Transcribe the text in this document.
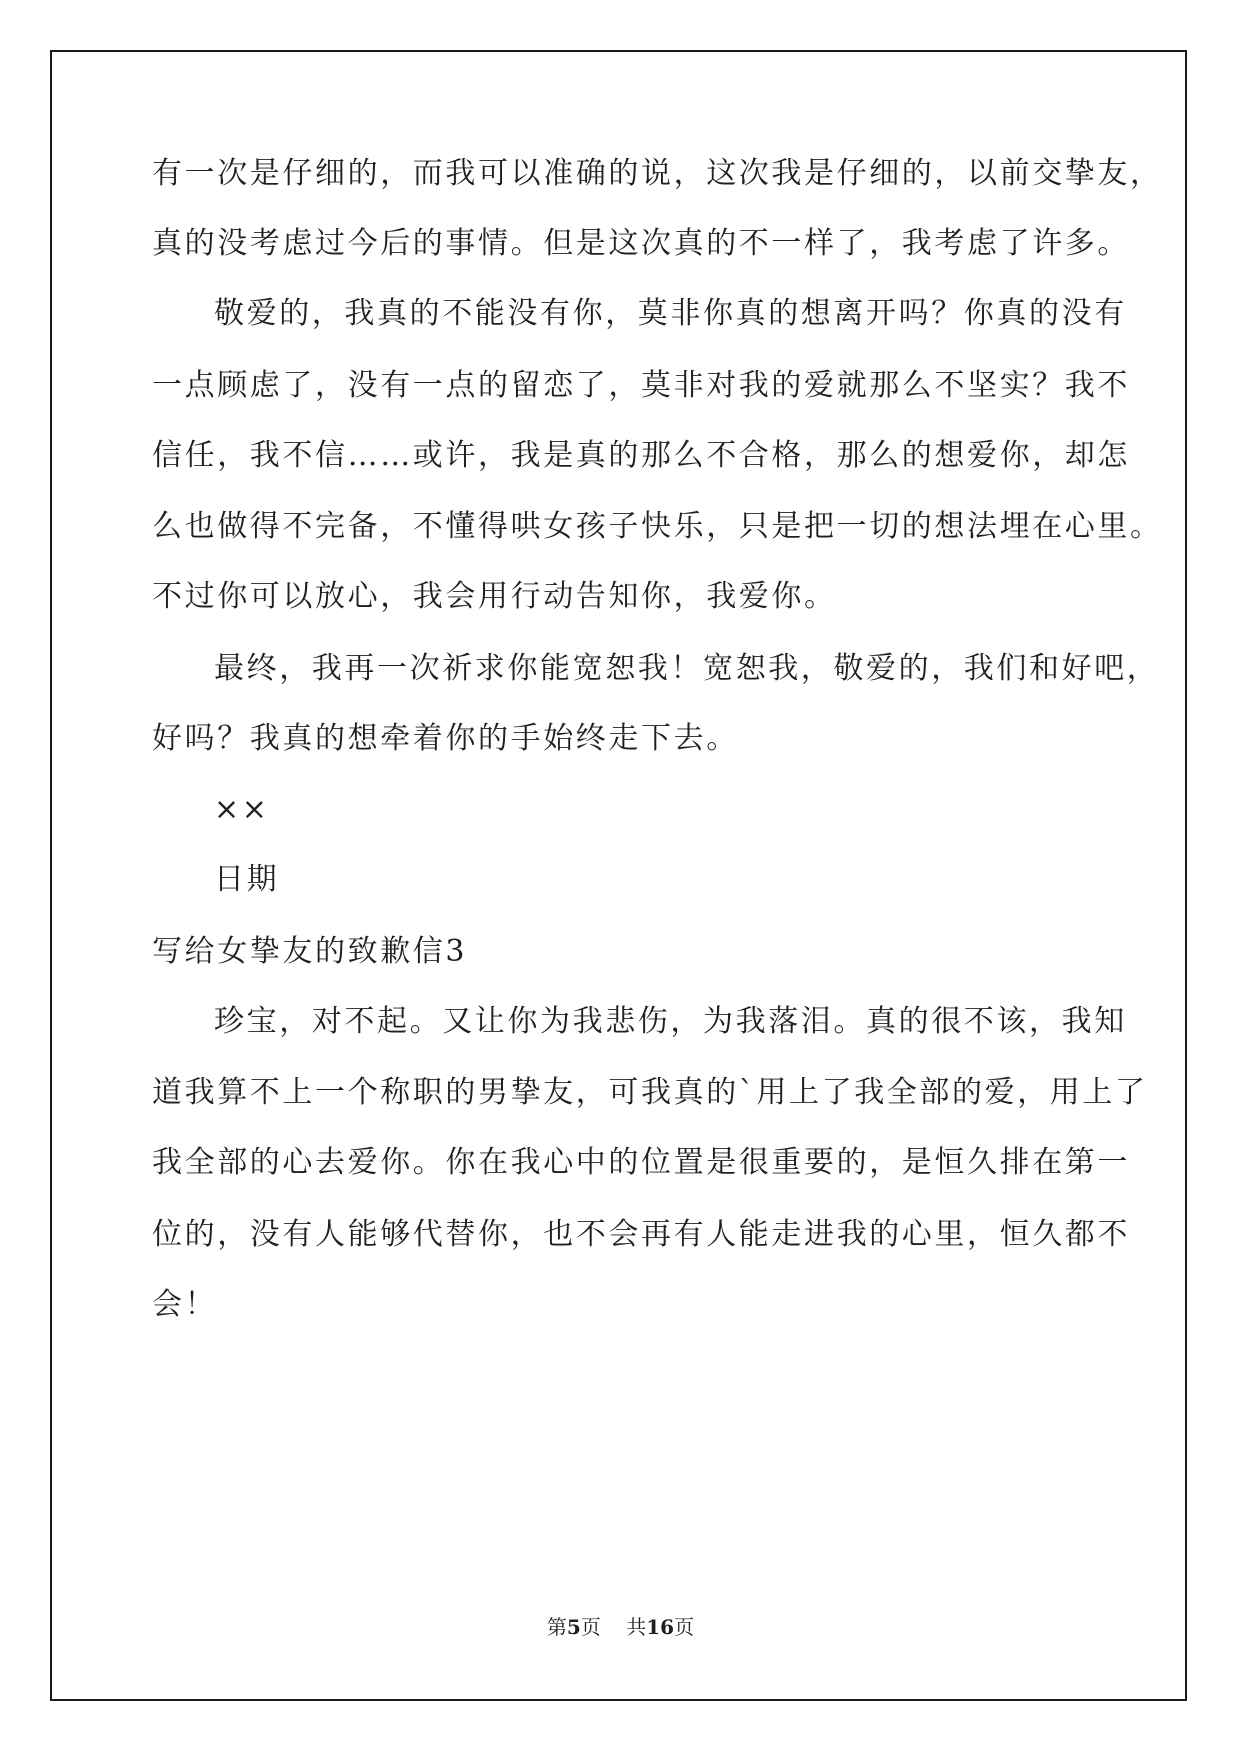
有一次是仔细的，而我可以准确的说，这次我是仔细的，以前交挚友，

真的没考虑过今后的事情。但是这次真的不一样了，我考虑了许多。

敬爱的，我真的不能没有你，莫非你真的想离开吗？你真的没有

一点顾虑了，没有一点的留恋了，莫非对我的爱就那么不坚实？我不

信任，我不信……或许，我是真的那么不合格，那么的想爱你，却怎

么也做得不完备，不懂得哄女孩子快乐，只是把一切的想法埋在心里。

不过你可以放心，我会用行动告知你，我爱你。

最终，我再一次祈求你能宽恕我！宽恕我，敬爱的，我们和好吧，

好吗？我真的想牵着你的手始终走下去。

××

日期

写给女挚友的致歉信3

珍宝，对不起。又让你为我悲伤，为我落泪。真的很不该，我知

道我算不上一个称职的男挚友，可我真的`用上了我全部的爱，用上了

我全部的心去爱你。你在我心中的位置是很重要的，是恒久排在第一

位的，没有人能够代替你，也不会再有人能走进我的心里，恒久都不

会！

第5页 共16页
